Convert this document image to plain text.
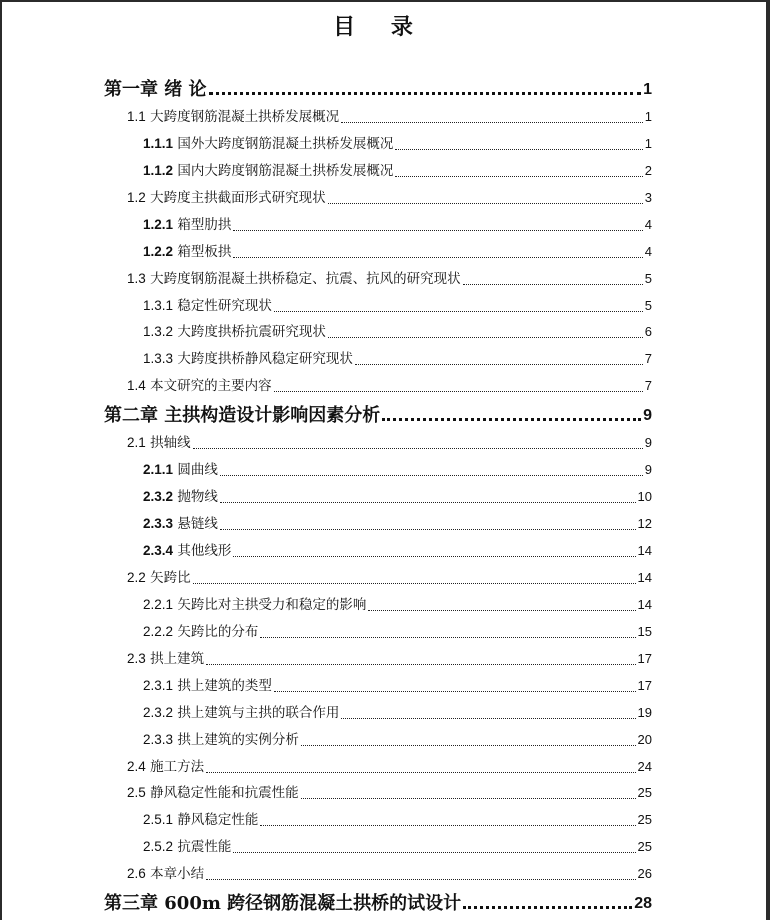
目 录
第一章 绪 论	1
1.1 大跨度钢筋混凝土拱桥发展概况	1
1.1.1 国外大跨度钢筋混凝土拱桥发展概况	1
1.1.2 国内大跨度钢筋混凝土拱桥发展概况	2
1.2 大跨度主拱截面形式研究现状	3
1.2.1 箱型肋拱	4
1.2.2 箱型板拱	4
1.3 大跨度钢筋混凝土拱桥稳定、抗震、抗风的研究现状	5
1.3.1 稳定性研究现状	5
1.3.2 大跨度拱桥抗震研究现状	6
1.3.3 大跨度拱桥静风稳定研究现状	7
1.4 本文研究的主要内容	7
第二章 主拱构造设计影响因素分析	9
2.1 拱轴线	9
2.1.1 圆曲线	9
2.3.2 抛物线	10
2.3.3 悬链线	12
2.3.4 其他线形	14
2.2 矢跨比	14
2.2.1 矢跨比对主拱受力和稳定的影响	14
2.2.2 矢跨比的分布	15
2.3 拱上建筑	17
2.3.1 拱上建筑的类型	17
2.3.2 拱上建筑与主拱的联合作用	19
2.3.3 拱上建筑的实例分析	20
2.4 施工方法	24
2.5 静风稳定性能和抗震性能	25
2.5.1 静风稳定性能	25
2.5.2 抗震性能	25
2.6 本章小结	26
第三章 600m 跨径钢筋混凝土拱桥的试设计	28
